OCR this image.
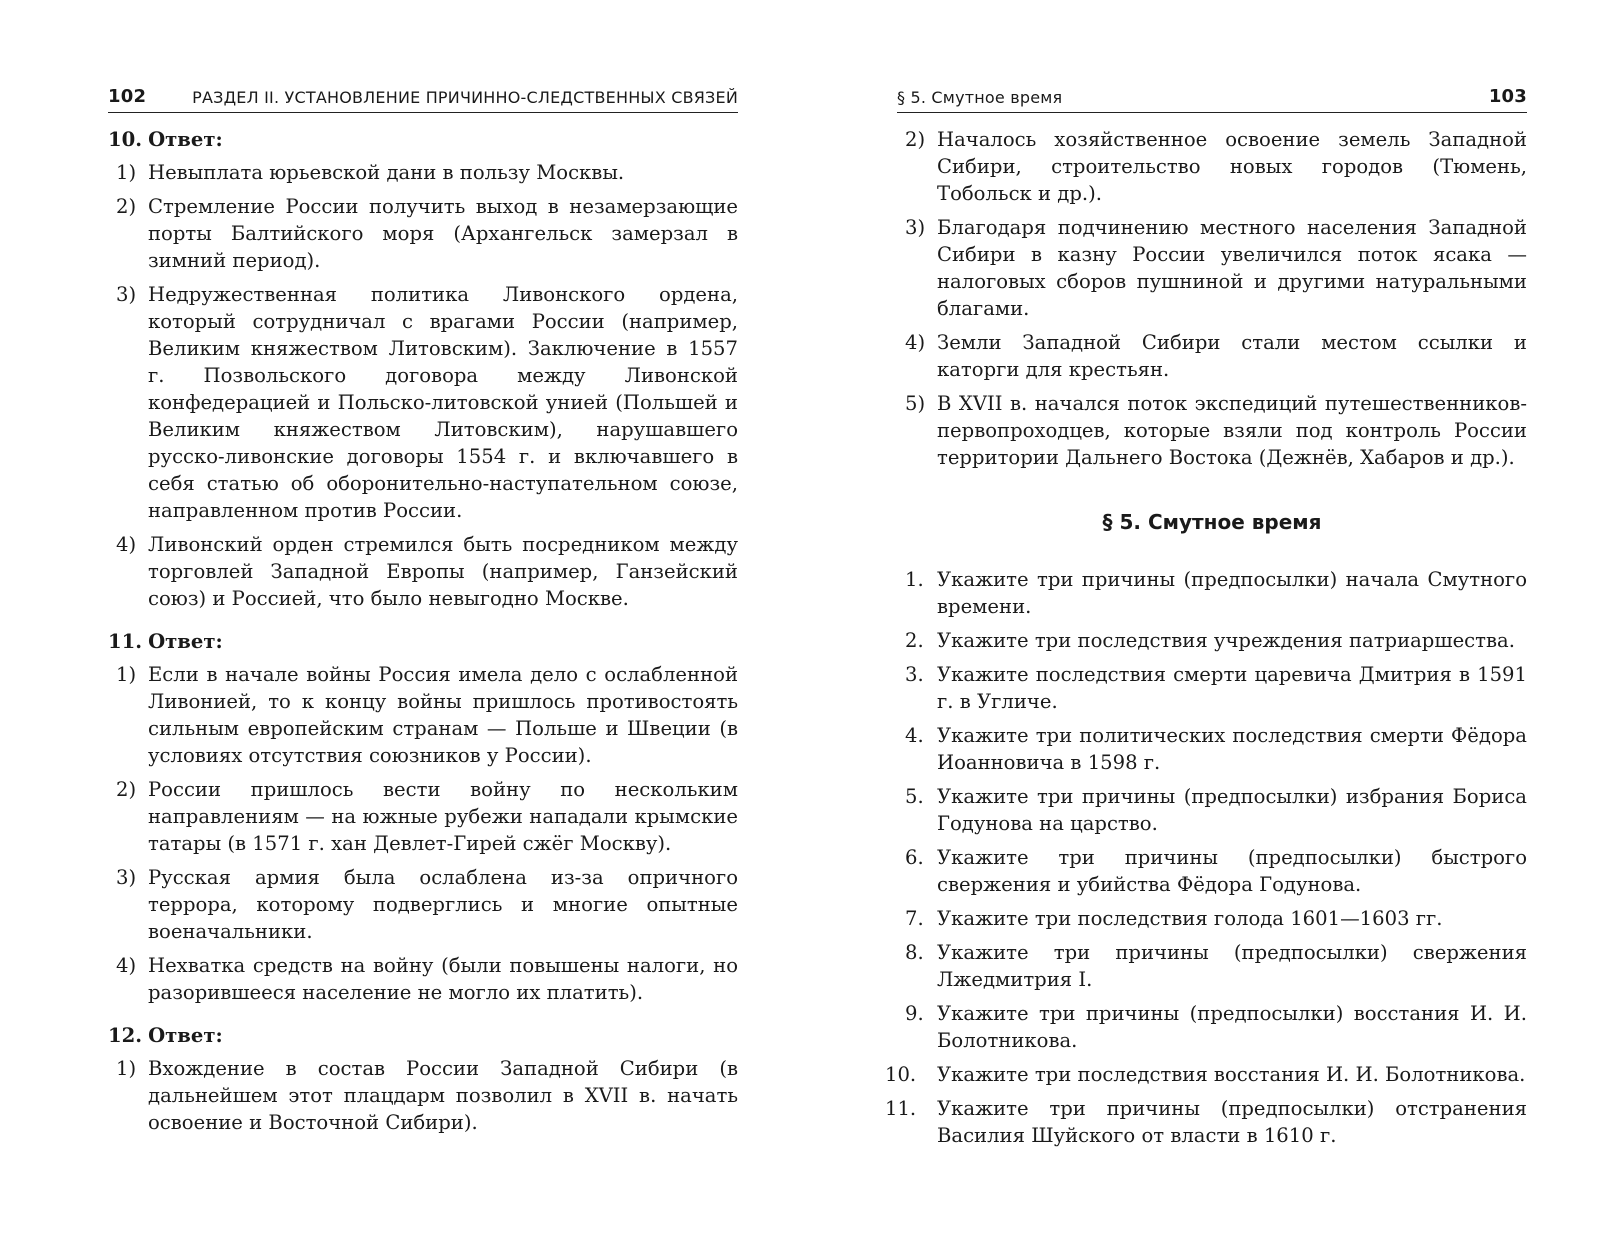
102	РАЗДЕЛ II. УСТАНОВЛЕНИЕ ПРИЧИННО-СЛЕДСТВЕННЫХ СВЯЗЕЙ
10. Ответ:
1) Невыплата юрьевской дани в пользу Москвы.
2) Стремление России получить выход в незамерзающие порты Балтийского моря (Архангельск замерзал в зимний период).
3) Недружественная политика Ливонского ордена, который сотрудничал с врагами России (например, Великим княжеством Литовским). Заключение в 1557 г. Позвольского договора между Ливонской конфедерацией и Польско-литовской унией (Польшей и Великим княжеством Литовским), нарушавшего русско-ливонские договоры 1554 г. и включавшего в себя статью об оборонительно-наступательном союзе, направленном против России.
4) Ливонский орден стремился быть посредником между торговлей Западной Европы (например, Ганзейский союз) и Россией, что было невыгодно Москве.
11. Ответ:
1) Если в начале войны Россия имела дело с ослабленной Ливонией, то к концу войны пришлось противостоять сильным европейским странам — Польше и Швеции (в условиях отсутствия союзников у России).
2) России пришлось вести войну по нескольким направлениям — на южные рубежи нападали крымские татары (в 1571 г. хан Девлет-Гирей сжёг Москву).
3) Русская армия была ослаблена из-за опричного террора, которому подверглись и многие опытные военачальники.
4) Нехватка средств на войну (были повышены налоги, но разорившееся население не могло их платить).
12. Ответ:
1) Вхождение в состав России Западной Сибири (в дальнейшем этот плацдарм позволил в XVII в. начать освоение и Восточной Сибири).
§ 5. Смутное время	103
2) Началось хозяйственное освоение земель Западной Сибири, строительство новых городов (Тюмень, Тобольск и др.).
3) Благодаря подчинению местного населения Западной Сибири в казну России увеличился поток ясака — налоговых сборов пушниной и другими натуральными благами.
4) Земли Западной Сибири стали местом ссылки и каторги для крестьян.
5) В XVII в. начался поток экспедиций путешественников-первопроходцев, которые взяли под контроль России территории Дальнего Востока (Дежнёв, Хабаров и др.).
§ 5. Смутное время
1. Укажите три причины (предпосылки) начала Смутного времени.
2. Укажите три последствия учреждения патриаршества.
3. Укажите последствия смерти царевича Дмитрия в 1591 г. в Угличе.
4. Укажите три политических последствия смерти Фёдора Иоанновича в 1598 г.
5. Укажите три причины (предпосылки) избрания Бориса Годунова на царство.
6. Укажите три причины (предпосылки) быстрого свержения и убийства Фёдора Годунова.
7. Укажите три последствия голода 1601—1603 гг.
8. Укажите три причины (предпосылки) свержения Лжедмитрия I.
9. Укажите три причины (предпосылки) восстания И. И. Болотникова.
10.	Укажите три последствия восстания И. И. Болотникова.
11.	Укажите три причины (предпосылки) отстранения Василия Шуйского от власти в 1610 г.
